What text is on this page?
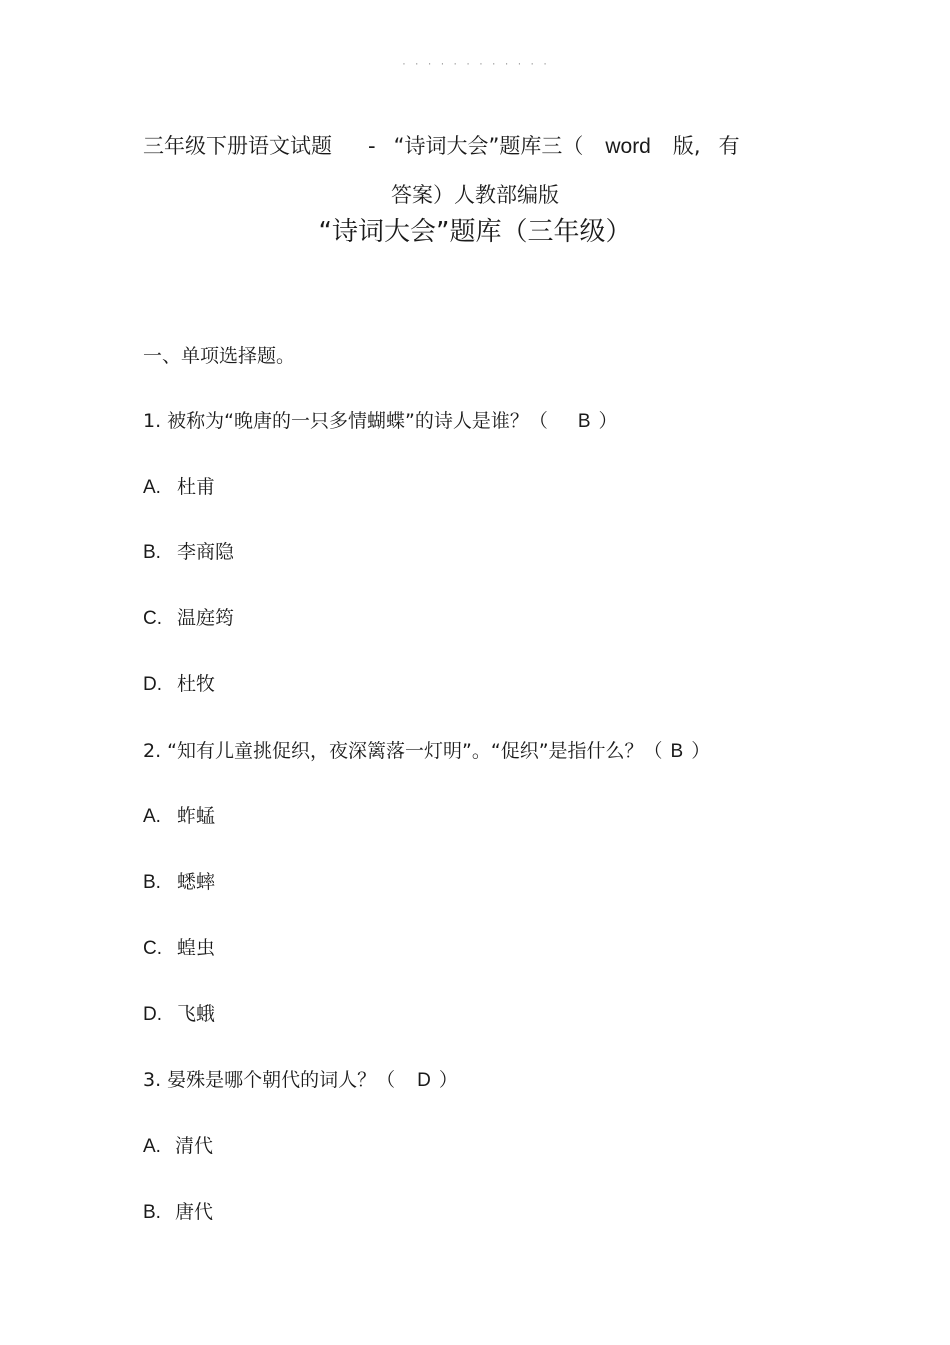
· · · · · · · · · · · ·
三年级下册语文试题 - “诗词大会”题库三（ word 版, 有
答案）人教部编版
“诗词大会”题库（三年级）
一、单项选择题。
1. 被称为“晚唐的一只多情蝴蝶”的诗人是谁？（ B ）
A. 杜甫
B. 李商隐
C. 温庭筠
D. 杜牧
2. “知有儿童挑促织，夜深篱落一灯明”。“促织”是指什么？（ B ）
A. 蚱蜢
B. 蟋蟀
C. 蝗虫
D. 飞蛾
3. 晏殊是哪个朝代的词人？（ D ）
A. 清代
B. 唐代
